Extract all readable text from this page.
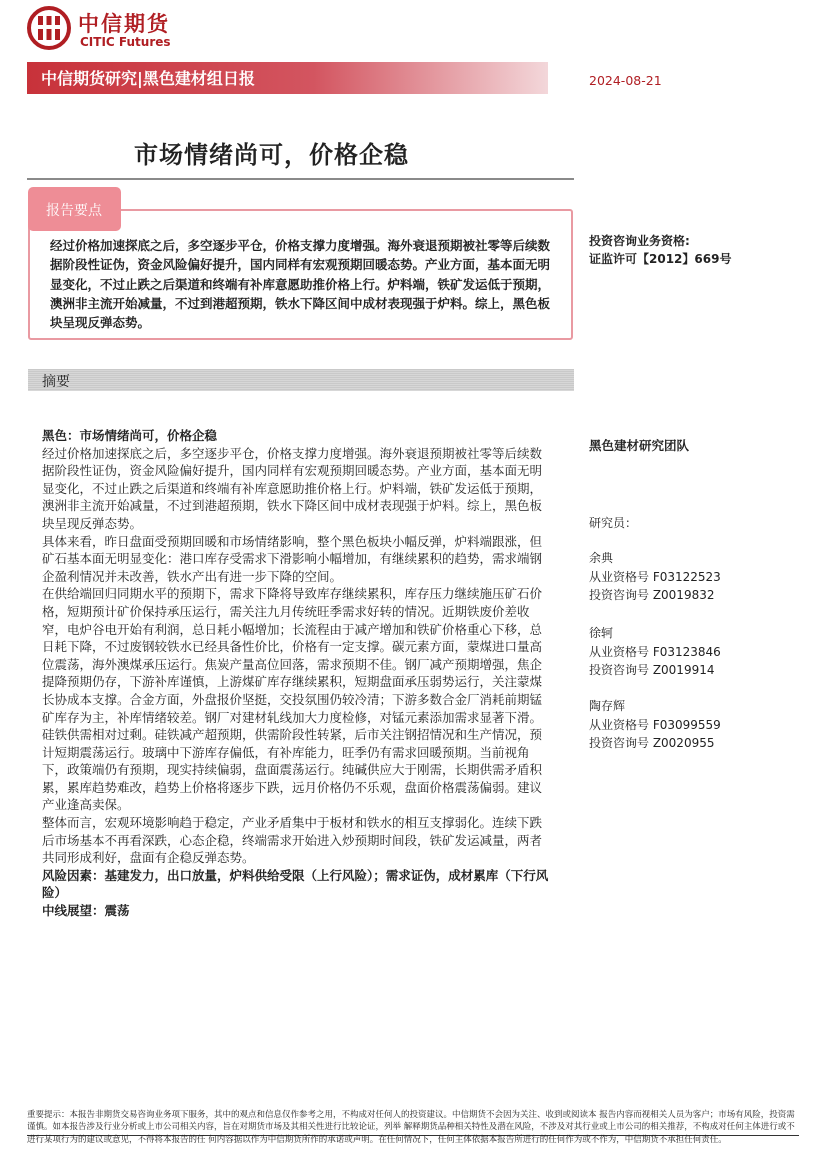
中信期货
CITIC Futures
中信期货研究|黑色建材组日报	2024-08-21
市场情绪尚可，价格企稳
报告要点
经过价格加速探底之后，多空逐步平仓，价格支撑力度增强。海外衰退预期被社零等后续数据阶段性证伪，资金风险偏好提升，国内同样有宏观预期回暖态势。产业方面，基本面无明显变化，不过止跌之后渠道和终端有补库意愿助推价格上行。炉料端，铁矿发运低于预期，澳洲非主流开始减量，不过到港超预期，铁水下降区间中成材表现强于炉料。综上，黑色板块呈现反弹态势。
投资咨询业务资格:
证监许可【2012】669号
摘要

黑色：市场情绪尚可，价格企稳

经过价格加速探底之后，多空逐步平仓，价格支撑力度增强。海外衰退预期被社零等后续数据阶段性证伪，资金风险偏好提升，国内同样有宏观预期回暖态势。产业方面，基本面无明显变化，不过止跌之后渠道和终端有补库意愿助推价格上行。炉料端，铁矿发运低于预期，澳洲非主流开始减量，不过到港超预期，铁水下降区间中成材表现强于炉料。综上，黑色板块呈现反弹态势。

具体来看，昨日盘面受预期回暖和市场情绪影响，整个黑色板块小幅反弹，炉料端跟涨，但矿石基本面无明显变化：港口库存受需求下滑影响小幅增加，有继续累积的趋势，需求端钢企盈利情况并未改善，铁水产出有进一步下降的空间。

在供给端回归同期水平的预期下，需求下降将导致库存继续累积，库存压力继续施压矿石价格，短期预计矿价保持承压运行，需关注九月传统旺季需求好转的情况。近期铁废价差收窄，电炉谷电开始有利润，总日耗小幅增加；长流程由于减产增加和铁矿价格重心下移，总日耗下降，不过废钢较铁水已经具备性价比，价格有一定支撑。碳元素方面，蒙煤进口量高位震荡，海外澳煤承压运行。焦炭产量高位回落，需求预期不佳。钢厂减产预期增强，焦企提降预期仍存，下游补库谨慎，上游煤矿库存继续累积，短期盘面承压弱势运行，关注蒙煤长协成本支撑。合金方面，外盘报价坚挺，交投氛围仍较冷清；下游多数合金厂消耗前期锰矿库存为主，补库情绪较差。钢厂对建材轧线加大力度检修，对锰元素添加需求显著下滑。硅铁供需相对过剩。硅铁减产超预期，供需阶段性转紧，后市关注钢招情况和生产情况，预计短期震荡运行。玻璃中下游库存偏低，有补库能力，旺季仍有需求回暖预期。当前视角下，政策端仍有预期，现实持续偏弱，盘面震荡运行。纯碱供应大于刚需，长期供需矛盾积累，累库趋势难改，趋势上价格将逐步下跌，远月价格仍不乐观，盘面价格震荡偏弱。建议产业逢高卖保。

整体而言，宏观环境影响趋于稳定，产业矛盾集中于板材和铁水的相互支撑弱化。连续下跌后市场基本不再看深跌，心态企稳，终端需求开始进入炒预期时间段，铁矿发运减量，两者共同形成利好，盘面有企稳反弹态势。

风险因素：基建发力，出口放量，炉料供给受限（上行风险）；需求证伪，成材累库（下行风险）

中线展望：震荡

黑色建材研究团队
研究员：
余典
从业资格号 F03122523
投资咨询号 Z0019832
徐轲
从业资格号 F03123846
投资咨询号 Z0019914
陶存辉
从业资格号 F03099559
投资咨询号 Z0020955
重要提示：本报告非期货交易咨询业务项下服务，其中的观点和信息仅作参考之用，不构成对任何人的投资建议。中信期货不会因为关注、收到或阅读本 报告内容而视相关人员为客户；市场有风险，投资需谨慎。如本报告涉及行业分析或上市公司相关内容，旨在对期货市场及其相关性进行比较论证，列举 解释期货品种相关特性及潜在风险，不涉及对其行业或上市公司的相关推荐，不构成对任何主体进行或不进行某项行为的建议或意见，不得将本报告的任 何内容据以作为中信期货所作的承诺或声明。在任何情况下，任何主体依据本报告所进行的任何作为或不作为，中信期货不承担任何责任。
